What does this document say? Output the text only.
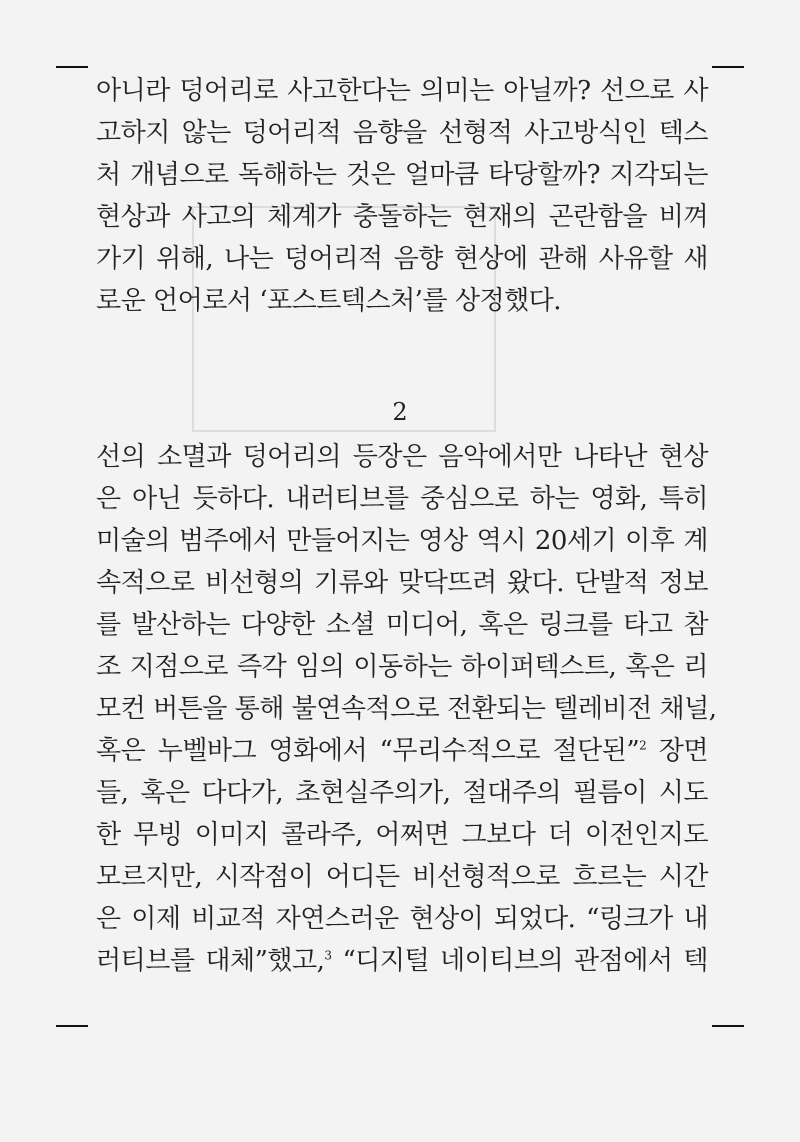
아니라 덩어리로 사고한다는 의미는 아닐까? 선으로 사
고하지 않는 덩어리적 음향을 선형적 사고방식인 텍스
처 개념으로 독해하는 것은 얼마큼 타당할까? 지각되는
현상과 사고의 체계가 충돌하는 현재의 곤란함을 비껴
가기 위해, 나는 덩어리적 음향 현상에 관해 사유할 새
로운 언어로서 ‘포스트텍스처’를 상정했다.
2
선의 소멸과 덩어리의 등장은 음악에서만 나타난 현상
은 아닌 듯하다. 내러티브를 중심으로 하는 영화, 특히
미술의 범주에서 만들어지는 영상 역시 20세기 이후 계
속적으로 비선형의 기류와 맞닥뜨려 왔다. 단발적 정보
를 발산하는 다양한 소셜 미디어, 혹은 링크를 타고 참
조 지점으로 즉각 임의 이동하는 하이퍼텍스트, 혹은 리
모컨 버튼을 통해 불연속적으로 전환되는 텔레비전 채널,
혹은 누벨바그 영화에서 “무리수적으로 절단된”$^2$ 장면
들, 혹은 다다가, 초현실주의가, 절대주의 필름이 시도
한 무빙 이미지 콜라주, 어쩌면 그보다 더 이전인지도
모르지만, 시작점이 어디든 비선형적으로 흐르는 시간
은 이제 비교적 자연스러운 현상이 되었다. “링크가 내
러티브를 대체”했고,$^3$ “디지털 네이티브의 관점에서 텍
